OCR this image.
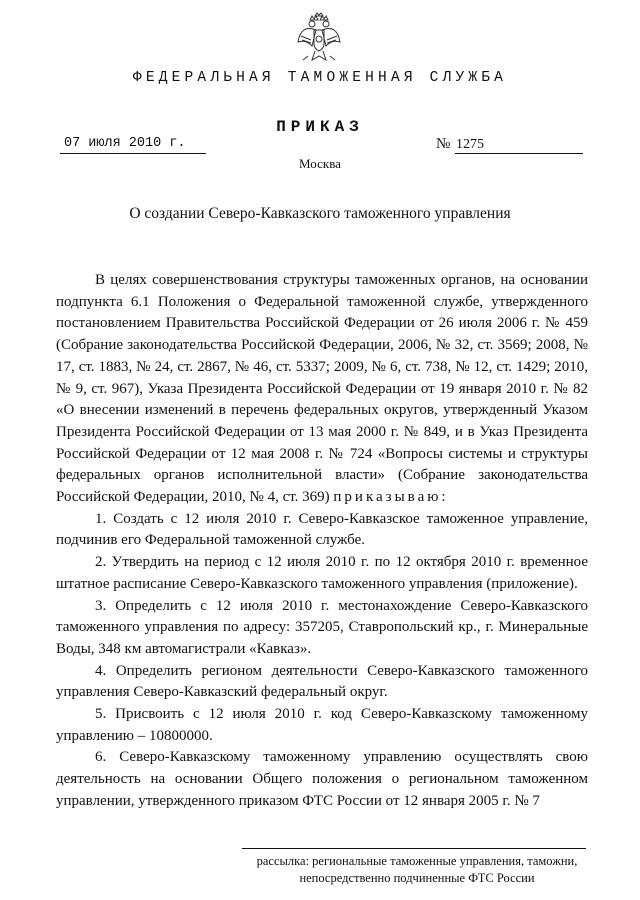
ФЕДЕРАЛЬНАЯ ТАМОЖЕННАЯ СЛУЖБА
ПРИКАЗ
07 июля 2010 г.	№ 1275
Москва
О создании Северо-Кавказского таможенного управления

В целях совершенствования структуры таможенных органов, на основании подпункта 6.1 Положения о Федеральной таможенной службе, утвержденного постановлением Правительства Российской Федерации от 26 июля 2006 г. № 459 (Собрание законодательства Российской Федерации, 2006, № 32, ст. 3569; 2008, № 17, ст. 1883, № 24, ст. 2867, № 46, ст. 5337; 2009, № 6, ст. 738, № 12, ст. 1429; 2010, № 9, ст. 967), Указа Президента Российской Федерации от 19 января 2010 г. № 82 «О внесении изменений в перечень федеральных округов, утвержденный Указом Президента Российской Федерации от 13 мая 2000 г. № 849, и в Указ Президента Российской Федерации от 12 мая 2008 г. № 724 «Вопросы системы и структуры федеральных органов исполнительной власти» (Собрание законодательства Российской Федерации, 2010, № 4, ст. 369) приказываю:

1. Создать с 12 июля 2010 г. Северо-Кавказское таможенное управление, подчинив его Федеральной таможенной службе.

2. Утвердить на период с 12 июля 2010 г. по 12 октября 2010 г. временное штатное расписание Северо-Кавказского таможенного управления (приложение).

3. Определить с 12 июля 2010 г. местонахождение Северо-Кавказского таможенного управления по адресу: 357205, Ставропольский кр., г. Минеральные Воды, 348 км автомагистрали «Кавказ».

4. Определить регионом деятельности Северо-Кавказского таможенного управления Северо-Кавказский федеральный округ.

5. Присвоить с 12 июля 2010 г. код Северо-Кавказскому таможенному управлению – 10800000.

6. Северо-Кавказскому таможенному управлению осуществлять свою деятельность на основании Общего положения о региональном таможенном управлении, утвержденного приказом ФТС России от 12 января 2005 г. № 7

рассылка: региональные таможенные управления, таможни,
непосредственно подчиненные ФТС России
